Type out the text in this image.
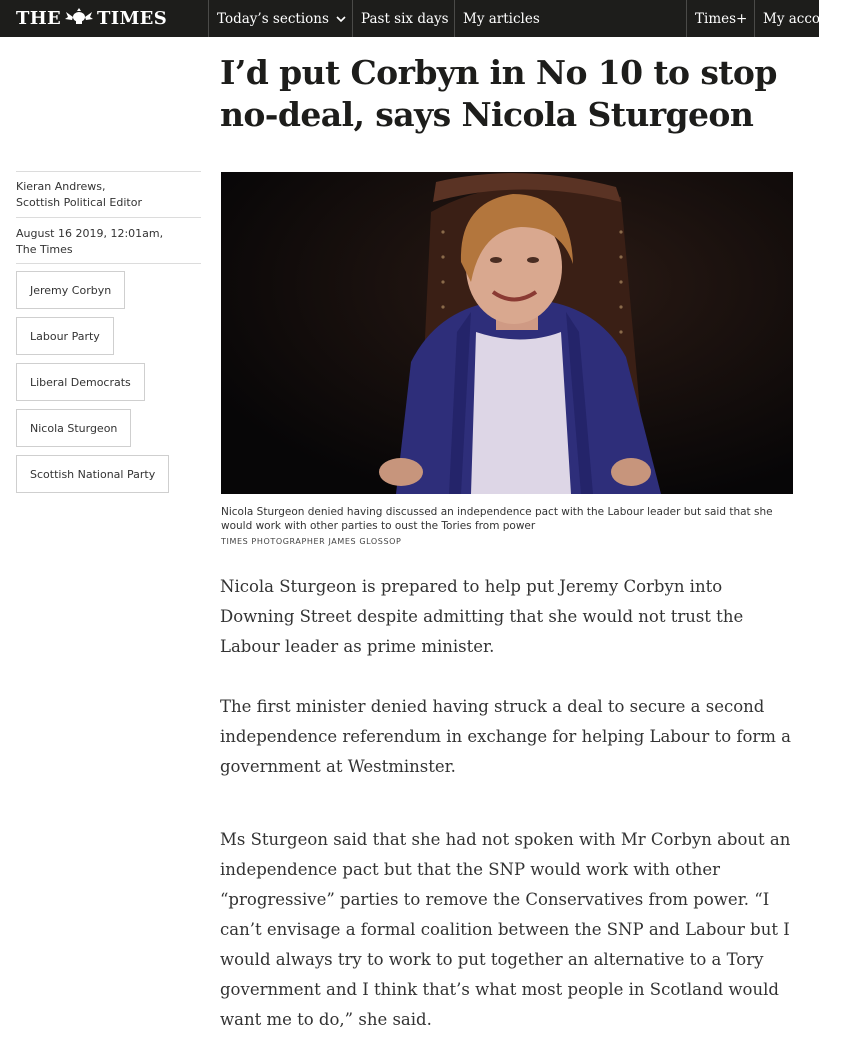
THE TIMES	Today’s sections Past six days My articles	Times+ My account
I’d put Corbyn in No 10 to stop no-deal, says Nicola Sturgeon
Kieran Andrews,
Scottish Political Editor
August 16 2019, 12:01am,
The Times
Jeremy Corbyn
Labour Party
Liberal Democrats
Nicola Sturgeon
Scottish National Party
Nicola Sturgeon denied having discussed an independence pact with the Labour leader but said that she would work with other parties to oust the Tories from power
TIMES PHOTOGRAPHER JAMES GLOSSOP

Nicola Sturgeon is prepared to help put Jeremy Corbyn into Downing Street despite admitting that she would not trust the Labour leader as prime minister.

The first minister denied having struck a deal to secure a second independence referendum in exchange for helping Labour to form a government at Westminster.

Ms Sturgeon said that she had not spoken with Mr Corbyn about an independence pact but that the SNP would work with other “progressive” parties to remove the Conservatives from power. “I can’t envisage a formal coalition between the SNP and Labour but I would always try to work to put together an alternative to a Tory government and I think that’s what most people in Scotland would want me to do,” she said.
